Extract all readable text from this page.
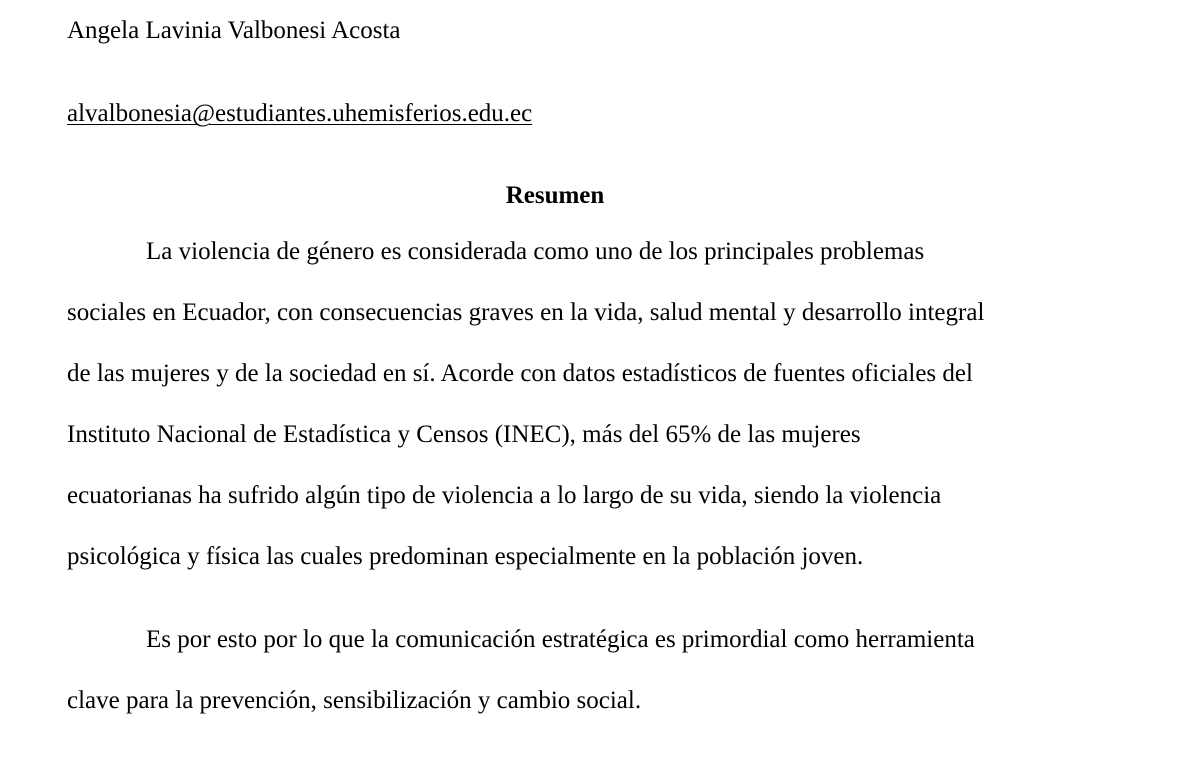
Angela Lavinia Valbonesi Acosta
alvalbonesia@estudiantes.uhemisferios.edu.ec
Resumen
La violencia de género es considerada como uno de los principales problemas
sociales en Ecuador, con consecuencias graves en la vida, salud mental y desarrollo integral
de las mujeres y de la sociedad en sí. Acorde con datos estadísticos de fuentes oficiales del
Instituto Nacional de Estadística y Censos (INEC), más del 65% de las mujeres
ecuatorianas ha sufrido algún tipo de violencia a lo largo de su vida, siendo la violencia
psicológica y física las cuales predominan especialmente en la población joven.
Es por esto por lo que la comunicación estratégica es primordial como herramienta
clave para la prevención, sensibilización y cambio social.
